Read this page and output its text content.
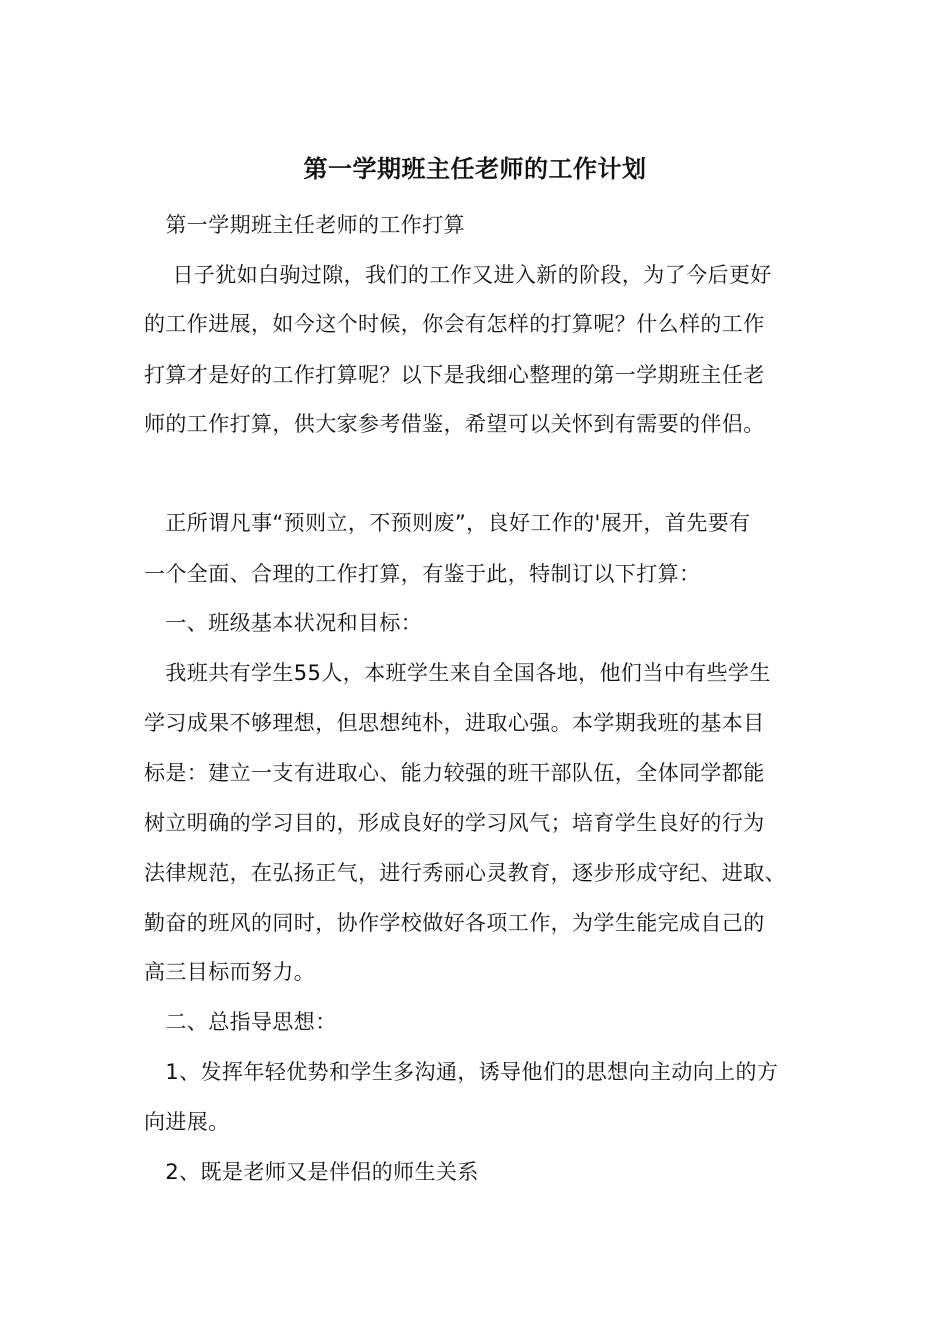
第一学期班主任老师的工作计划
　第一学期班主任老师的工作打算
　 日子犹如白驹过隙，我们的工作又进入新的阶段，为了今后更好
的工作进展，如今这个时候，你会有怎样的打算呢？什么样的工作
打算才是好的工作打算呢？以下是我细心整理的第一学期班主任老
师的工作打算，供大家参考借鉴，希望可以关怀到有需要的伴侣。
　正所谓凡事“预则立，不预则废”，良好工作的'展开，首先要有
一个全面、合理的工作打算，有鉴于此，特制订以下打算：
　一、班级基本状况和目标：
　我班共有学生55人，本班学生来自全国各地，他们当中有些学生
学习成果不够理想，但思想纯朴，进取心强。本学期我班的基本目
标是：建立一支有进取心、能力较强的班干部队伍，全体同学都能
树立明确的学习目的，形成良好的学习风气；培育学生良好的行为
法律规范，在弘扬正气，进行秀丽心灵教育，逐步形成守纪、进取、
勤奋的班风的同时，协作学校做好各项工作，为学生能完成自己的
高三目标而努力。
　二、总指导思想：
　1、发挥年轻优势和学生多沟通，诱导他们的思想向主动向上的方
向进展。
　2、既是老师又是伴侣的师生关系
